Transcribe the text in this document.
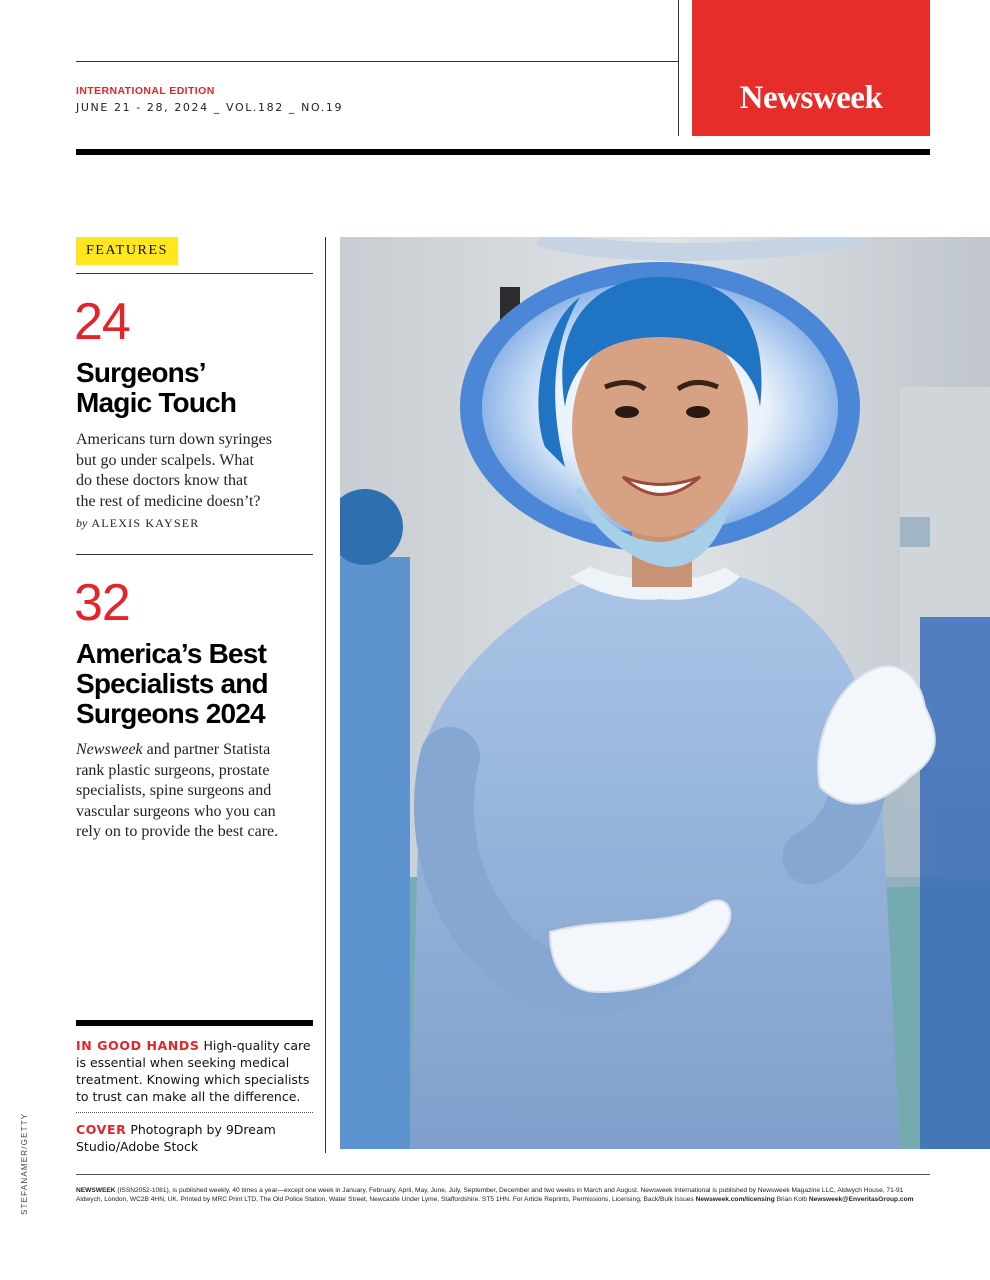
INTERNATIONAL EDITION
JUNE 21 - 28, 2024 _ VOL.182 _ NO.19	Newsweek
FEATURES
24
Surgeons’
Magic Touch
Americans turn down syringes
but go under scalpels. What
do these doctors know that
the rest of medicine doesn’t?
by ALEXIS KAYSER
32
America’s Best
Specialists and
Surgeons 2024
Newsweek and partner Statista
rank plastic surgeons, prostate
specialists, spine surgeons and
vascular surgeons who you can
rely on to provide the best care.
IN GOOD HANDS High-quality care is essential when seeking medical treatment. Knowing which specialists to trust can make all the difference.
COVER Photograph by 9Dream Studio/Adobe Stock
STEFANAMER/GETTY	NEWSWEEK (ISSN2052-1081), is published weekly, 40 times a year—except one week in January, February, April, May, June, July, September, December and two weeks in March and August. Newsweek International is published by Newsweek Magazine LLC, Aldwych House, 71-91 Aldwych, London, WC2B 4HN, UK. Printed by MRC Print LTD, The Old Police Station, Water Street, Newcastle Under Lyme, Staffordshire. ST5 1HN. For Article Reprints, Permissions, Licensing, Back/Bulk Issues Newsweek.com/licensing Brian Kolb Newsweek@EnveritasGroup.com
